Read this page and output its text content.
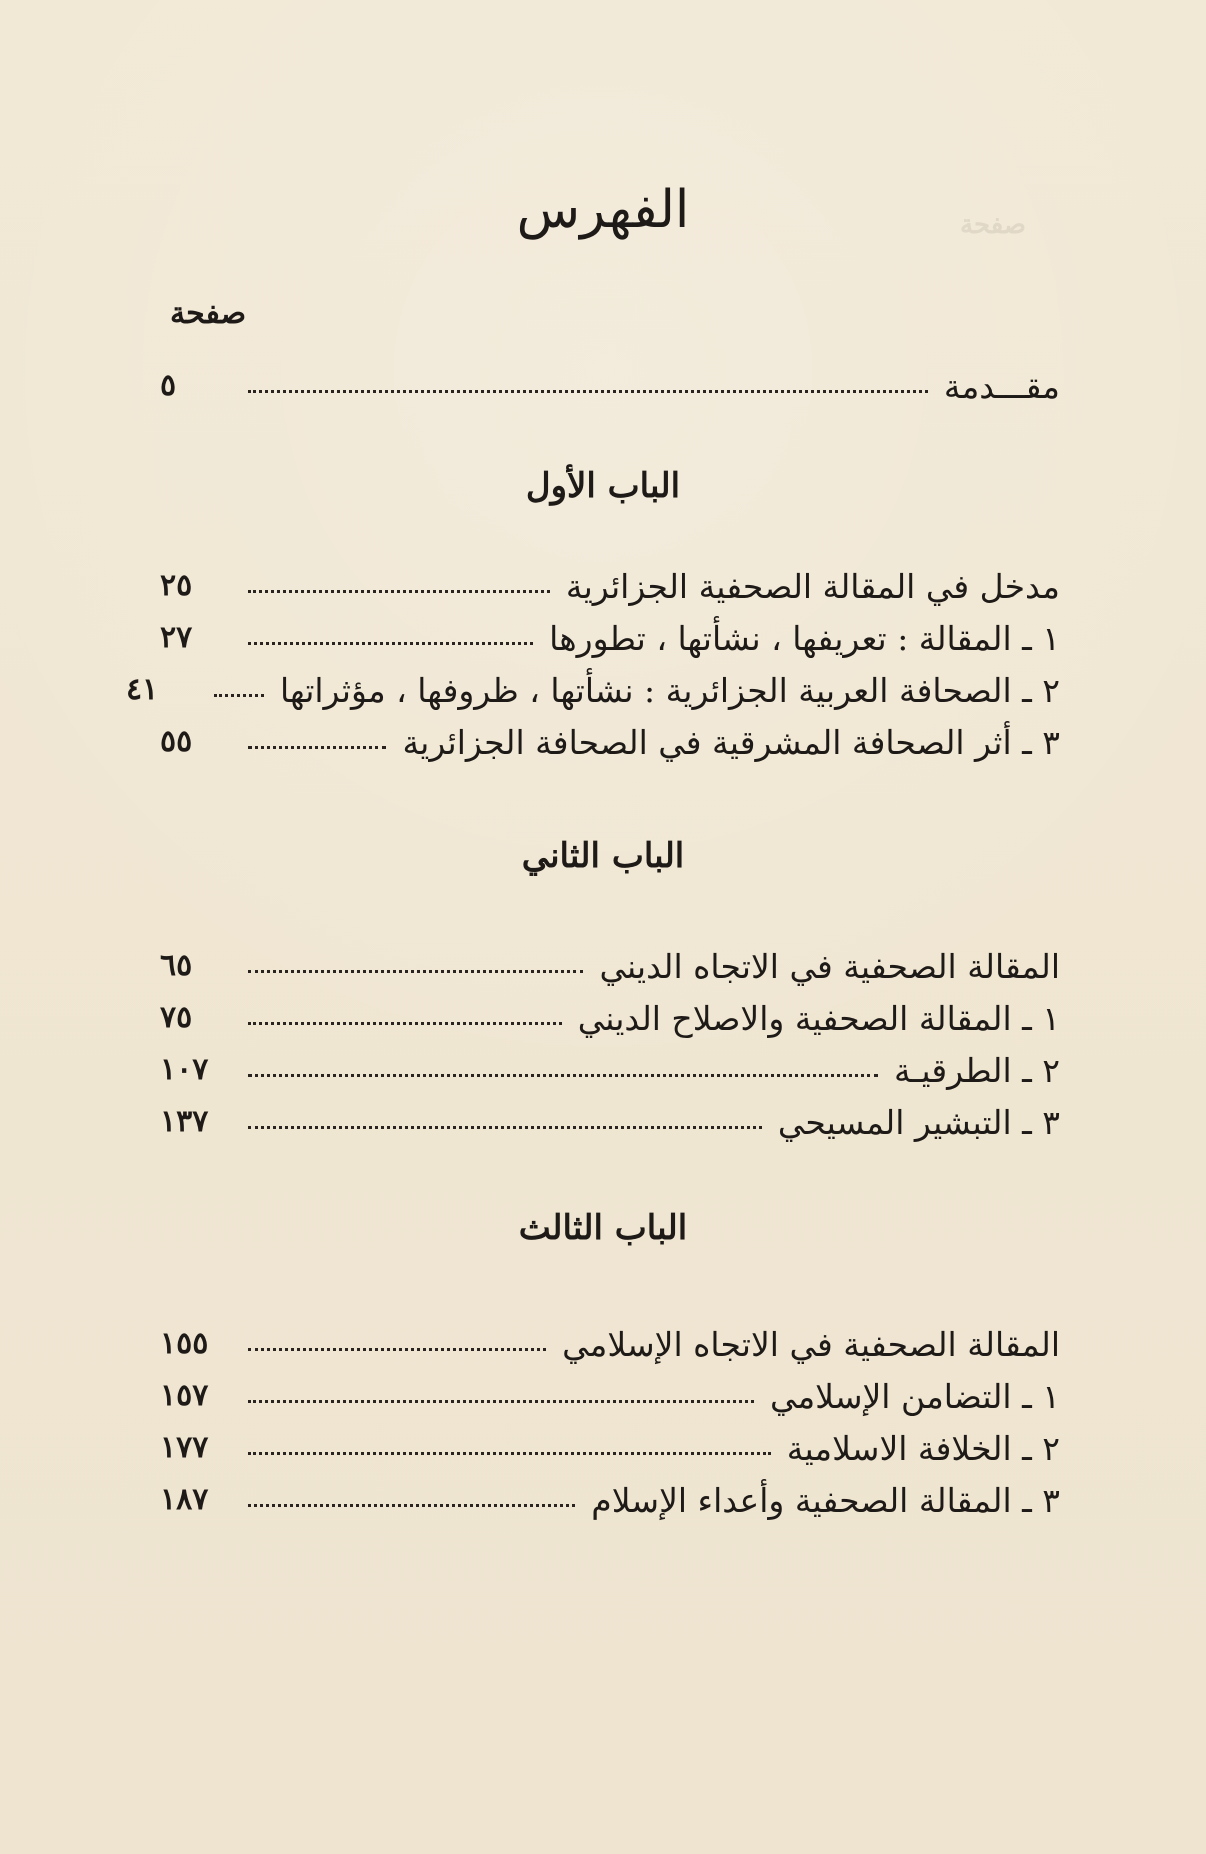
صفحة
الفهرس
صفحة
مقـــدمة
٥
الباب الأول
مدخل في المقالة الصحفية الجزائرية
٢٥
١ ـ المقالة : تعريفها ، نشأتها ، تطورها
٢٧
٢ ـ الصحافة العربية الجزائرية : نشأتها ، ظروفها ، مؤثراتها
٤١
٣ ـ أثر الصحافة المشرقية في الصحافة الجزائرية
٥٥
الباب الثاني
المقالة الصحفية في الاتجاه الديني
٦٥
١ ـ المقالة الصحفية والاصلاح الديني
٧٥
٢ ـ الطرقيـة
١٠٧
٣ ـ التبشير المسيحي
١٣٧
الباب الثالث
المقالة الصحفية في الاتجاه الإسلامي
١٥٥
١ ـ التضامن الإسلامي
١٥٧
٢ ـ الخلافة الاسلامية
١٧٧
٣ ـ المقالة الصحفية وأعداء الإسلام
١٨٧
